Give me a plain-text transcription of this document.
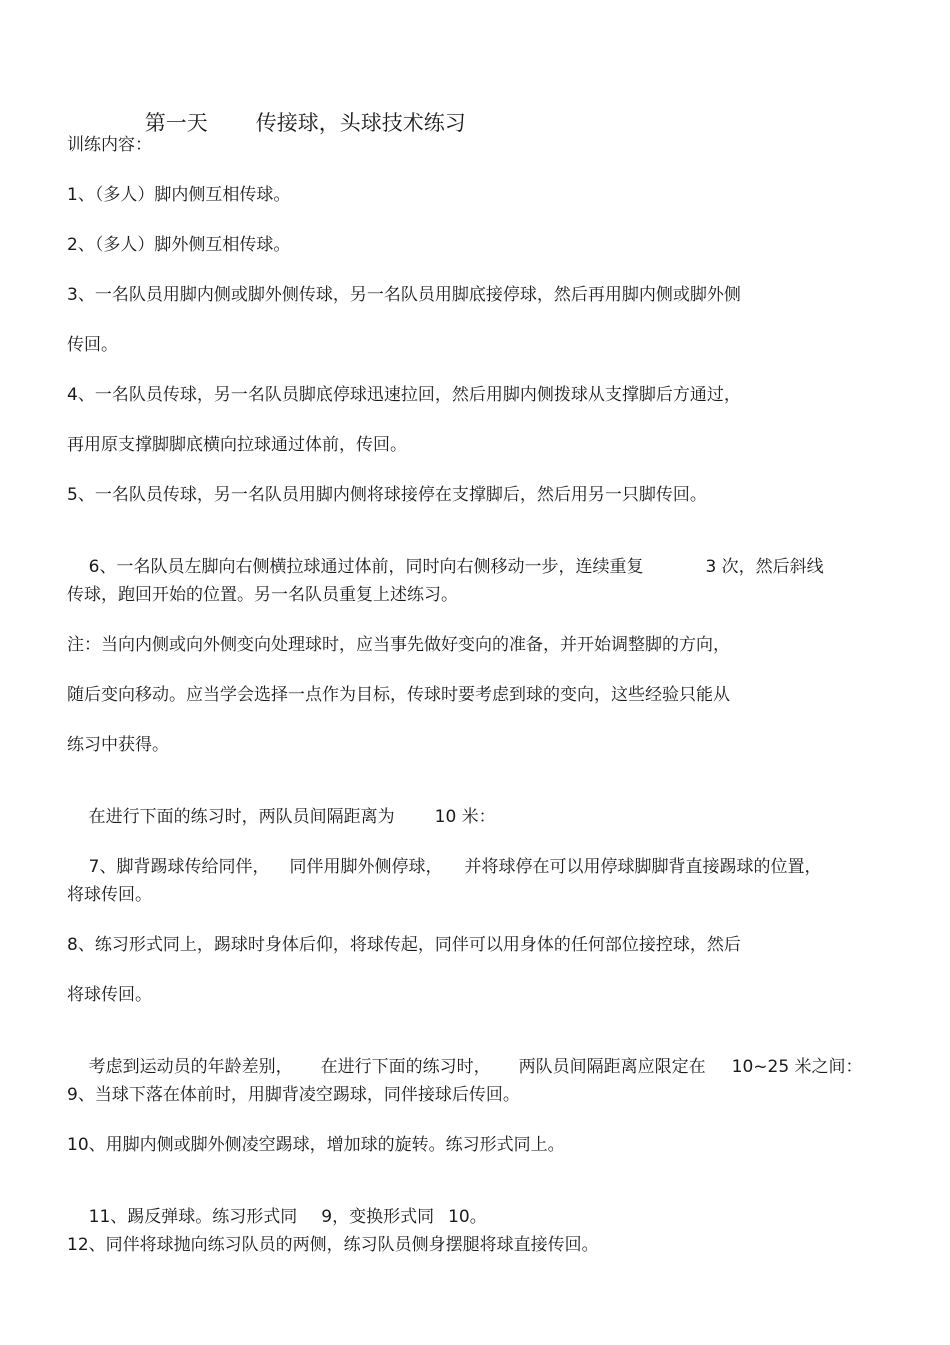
第一天 传接球，头球技术练习

训练内容：
1、（多人）脚内侧互相传球。
2、（多人）脚外侧互相传球。
3、一名队员用脚内侧或脚外侧传球，另一名队员用脚底接停球，然后再用脚内侧或脚外侧
传回。
4、一名队员传球，另一名队员脚底停球迅速拉回，然后用脚内侧拨球从支撑脚后方通过，
再用原支撑脚脚底横向拉球通过体前，传回。
5、一名队员传球，另一名队员用脚内侧将球接停在支撑脚后，然后用另一只脚传回。

6、一名队员左脚向右侧横拉球通过体前，同时向右侧移动一步，连续重复	3 次，然后斜线

传球，跑回开始的位置。另一名队员重复上述练习。
注：当向内侧或向外侧变向处理球时，应当事先做好变向的准备，并开始调整脚的方向，
随后变向移动。应当学会选择一点作为目标，传球时要考虑到球的变向，这些经验只能从
练习中获得。

在进行下面的练习时，两队员间隔距离为 10 米：

7、脚背踢球传给同伴， 同伴用脚外侧停球， 并将球停在可以用停球脚脚背直接踢球的位置，

将球传回。
8、练习形式同上，踢球时身体后仰，将球传起，同伴可以用身体的任何部位接控球，然后
将球传回。

考虑到运动员的年龄差别， 在进行下面的练习时， 两队员间隔距离应限定在 10~25 米之间：

9、当球下落在体前时，用脚背凌空踢球，同伴接球后传回。
10、用脚内侧或脚外侧凌空踢球，增加球的旋转。练习形式同上。

11、踢反弹球。练习形式同 9，变换形式同 10。

12、同伴将球抛向练习队员的两侧，练习队员侧身摆腿将球直接传回。
